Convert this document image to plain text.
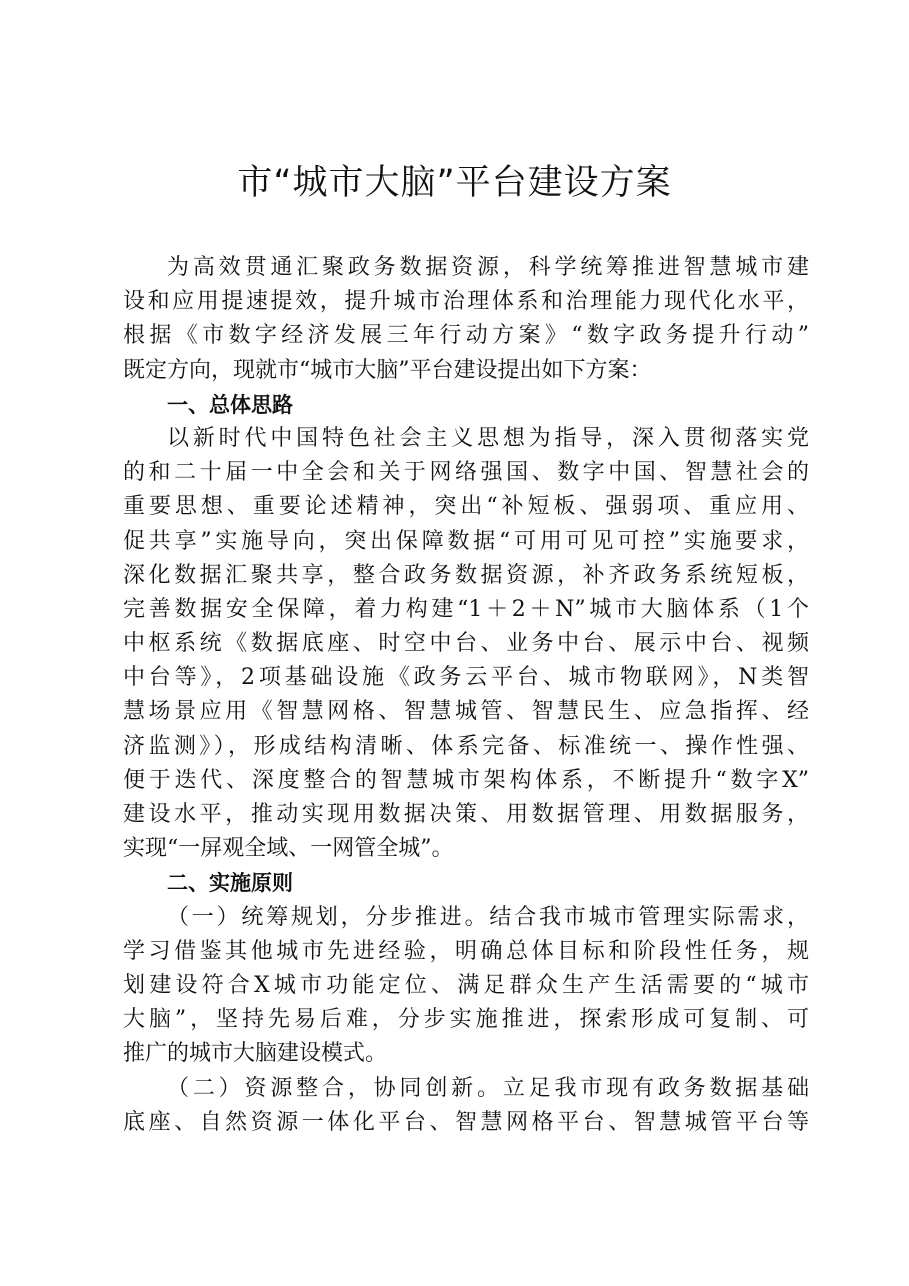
市“城市大脑”平台建设方案
为高效贯通汇聚政务数据资源，科学统筹推进智慧城市建
设和应用提速提效，提升城市治理体系和治理能力现代化水平，
根据《市数字经济发展三年行动方案》“数字政务提升行动”
既定方向，现就市“城市大脑”平台建设提出如下方案：
一、总体思路
以新时代中国特色社会主义思想为指导，深入贯彻落实党
的和二十届一中全会和关于网络强国、数字中国、智慧社会的
重要思想、重要论述精神，突出“补短板、强弱项、重应用、
促共享”实施导向，突出保障数据“可用可见可控”实施要求，
深化数据汇聚共享，整合政务数据资源，补齐政务系统短板，
完善数据安全保障，着力构建“1＋2＋N”城市大脑体系（1个
中枢系统《数据底座、时空中台、业务中台、展示中台、视频
中台等》，2项基础设施《政务云平台、城市物联网》，N类智
慧场景应用《智慧网格、智慧城管、智慧民生、应急指挥、经
济监测》），形成结构清晰、体系完备、标准统一、操作性强、
便于迭代、深度整合的智慧城市架构体系，不断提升“数字X”
建设水平，推动实现用数据决策、用数据管理、用数据服务，
实现“一屏观全域、一网管全城”。
二、实施原则
（一）统筹规划，分步推进。结合我市城市管理实际需求，
学习借鉴其他城市先进经验，明确总体目标和阶段性任务，规
划建设符合X城市功能定位、满足群众生产生活需要的“城市
大脑”，坚持先易后难，分步实施推进，探索形成可复制、可
推广的城市大脑建设模式。
（二）资源整合，协同创新。立足我市现有政务数据基础
底座、自然资源一体化平台、智慧网格平台、智慧城管平台等
